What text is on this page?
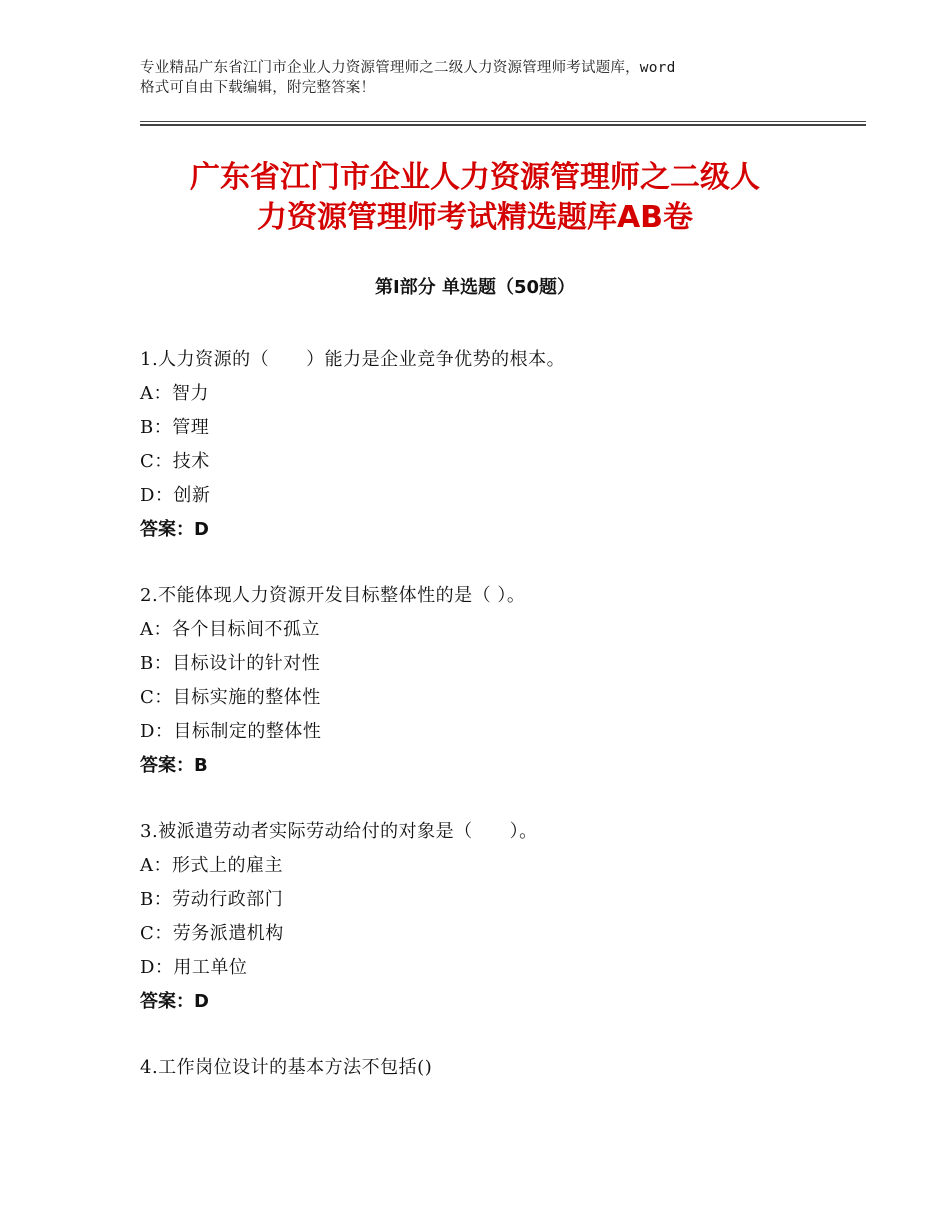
专业精品广东省江门市企业人力资源管理师之二级人力资源管理师考试题库，word
格式可自由下载编辑，附完整答案！
广东省江门市企业人力资源管理师之二级人
力资源管理师考试精选题库AB卷
第Ⅰ部分 单选题（50题）
1.人力资源的（　　）能力是企业竞争优势的根本。
A：智力
B：管理
C：技术
D：创新
答案：D
2.不能体现人力资源开发目标整体性的是（ ）。
A：各个目标间不孤立
B：目标设计的针对性
C：目标实施的整体性
D：目标制定的整体性
答案：B
3.被派遣劳动者实际劳动给付的对象是（　　）。
A：形式上的雇主
B：劳动行政部门
C：劳务派遣机构
D：用工单位
答案：D
4.工作岗位设计的基本方法不包括()
